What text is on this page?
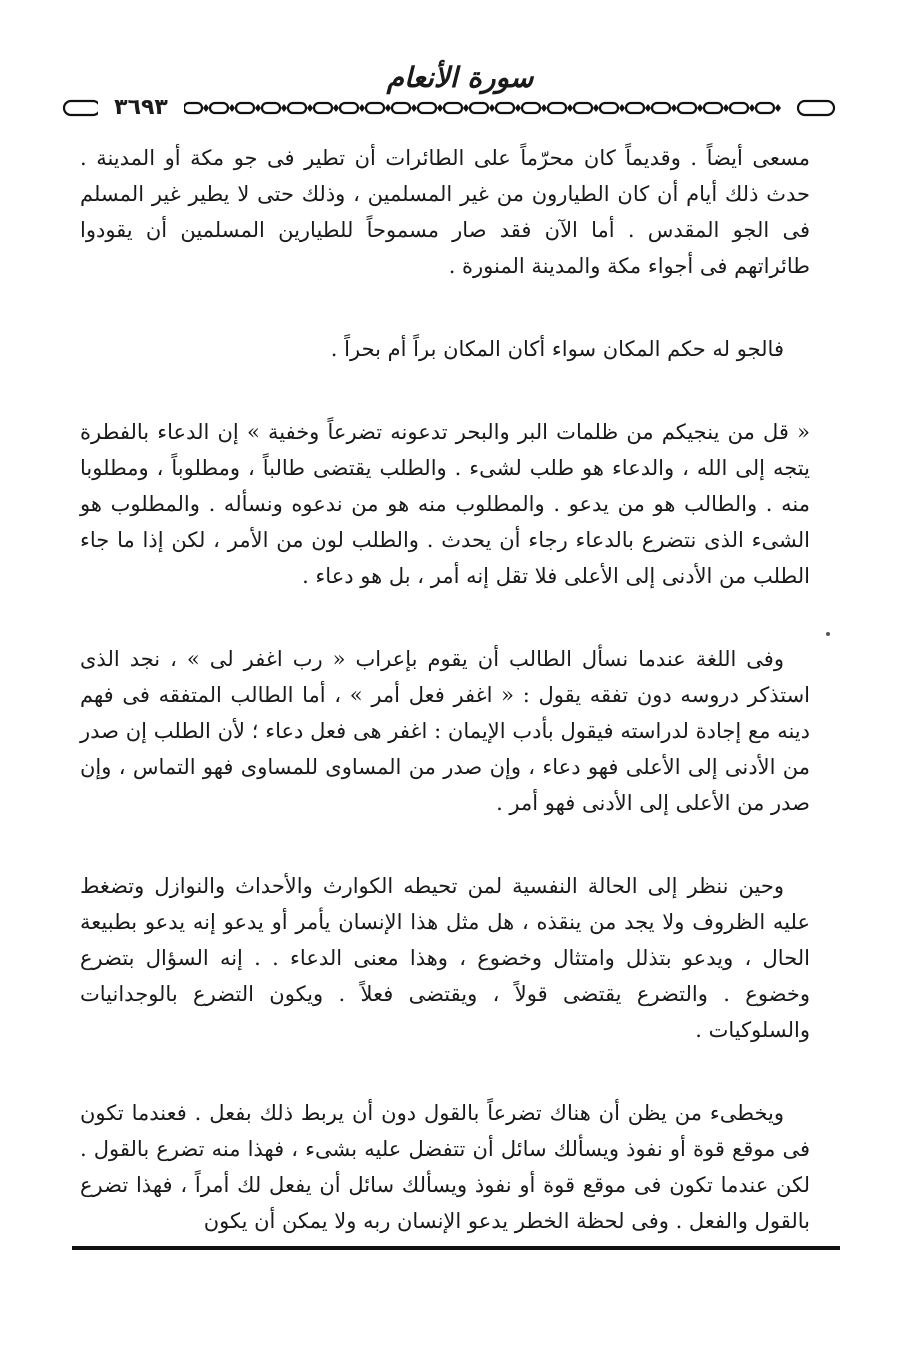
سورة الأنعام
٣٦٩٣

مسعى أيضاً . وقديماً كان محرّماً على الطائرات أن تطير فى جو مكة أو المدينة . حدث ذلك أيام أن كان الطيارون من غير المسلمين ، وذلك حتى لا يطير غير المسلم فى الجو المقدس . أما الآن فقد صار مسموحاً للطيارين المسلمين أن يقودوا طائراتهم فى أجواء مكة والمدينة المنورة .

فالجو له حكم المكان سواء أكان المكان براً أم بحراً .

« قل من ينجيكم من ظلمات البر والبحر تدعونه تضرعاً وخفية » إن الدعاء بالفطرة يتجه إلى الله ، والدعاء هو طلب لشىء . والطلب يقتضى طالباً ، ومطلوباً ، ومطلوبا منه . والطالب هو من يدعو . والمطلوب منه هو من ندعوه ونسأله . والمطلوب هو الشىء الذى نتضرع بالدعاء رجاء أن يحدث . والطلب لون من الأمر ، لكن إذا ما جاء الطلب من الأدنى إلى الأعلى فلا تقل إنه أمر ، بل هو دعاء .

وفى اللغة عندما نسأل الطالب أن يقوم بإعراب « رب اغفر لى » ، نجد الذى استذكر دروسه دون تفقه يقول : « اغفر فعل أمر » ، أما الطالب المتفقه فى فهم دينه مع إجادة لدراسته فيقول بأدب الإيمان : اغفر هى فعل دعاء ؛ لأن الطلب إن صدر من الأدنى إلى الأعلى فهو دعاء ، وإن صدر من المساوى للمساوى فهو التماس ، وإن صدر من الأعلى إلى الأدنى فهو أمر .

وحين ننظر إلى الحالة النفسية لمن تحيطه الكوارث والأحداث والنوازل وتضغط عليه الظروف ولا يجد من ينقذه ، هل مثل هذا الإنسان يأمر أو يدعو إنه يدعو بطبيعة الحال ، ويدعو بتذلل وامتثال وخضوع ، وهذا معنى الدعاء . . إنه السؤال بتضرع وخضوع . والتضرع يقتضى قولاً ، ويقتضى فعلاً . ويكون التضرع بالوجدانيات والسلوكيات .

ويخطىء من يظن أن هناك تضرعاً بالقول دون أن يربط ذلك بفعل . فعندما تكون فى موقع قوة أو نفوذ ويسألك سائل أن تتفضل عليه بشىء ، فهذا منه تضرع بالقول . لكن عندما تكون فى موقع قوة أو نفوذ ويسألك سائل أن يفعل لك أمراً ، فهذا تضرع بالقول والفعل . وفى لحظة الخطر يدعو الإنسان ربه ولا يمكن أن يكون
